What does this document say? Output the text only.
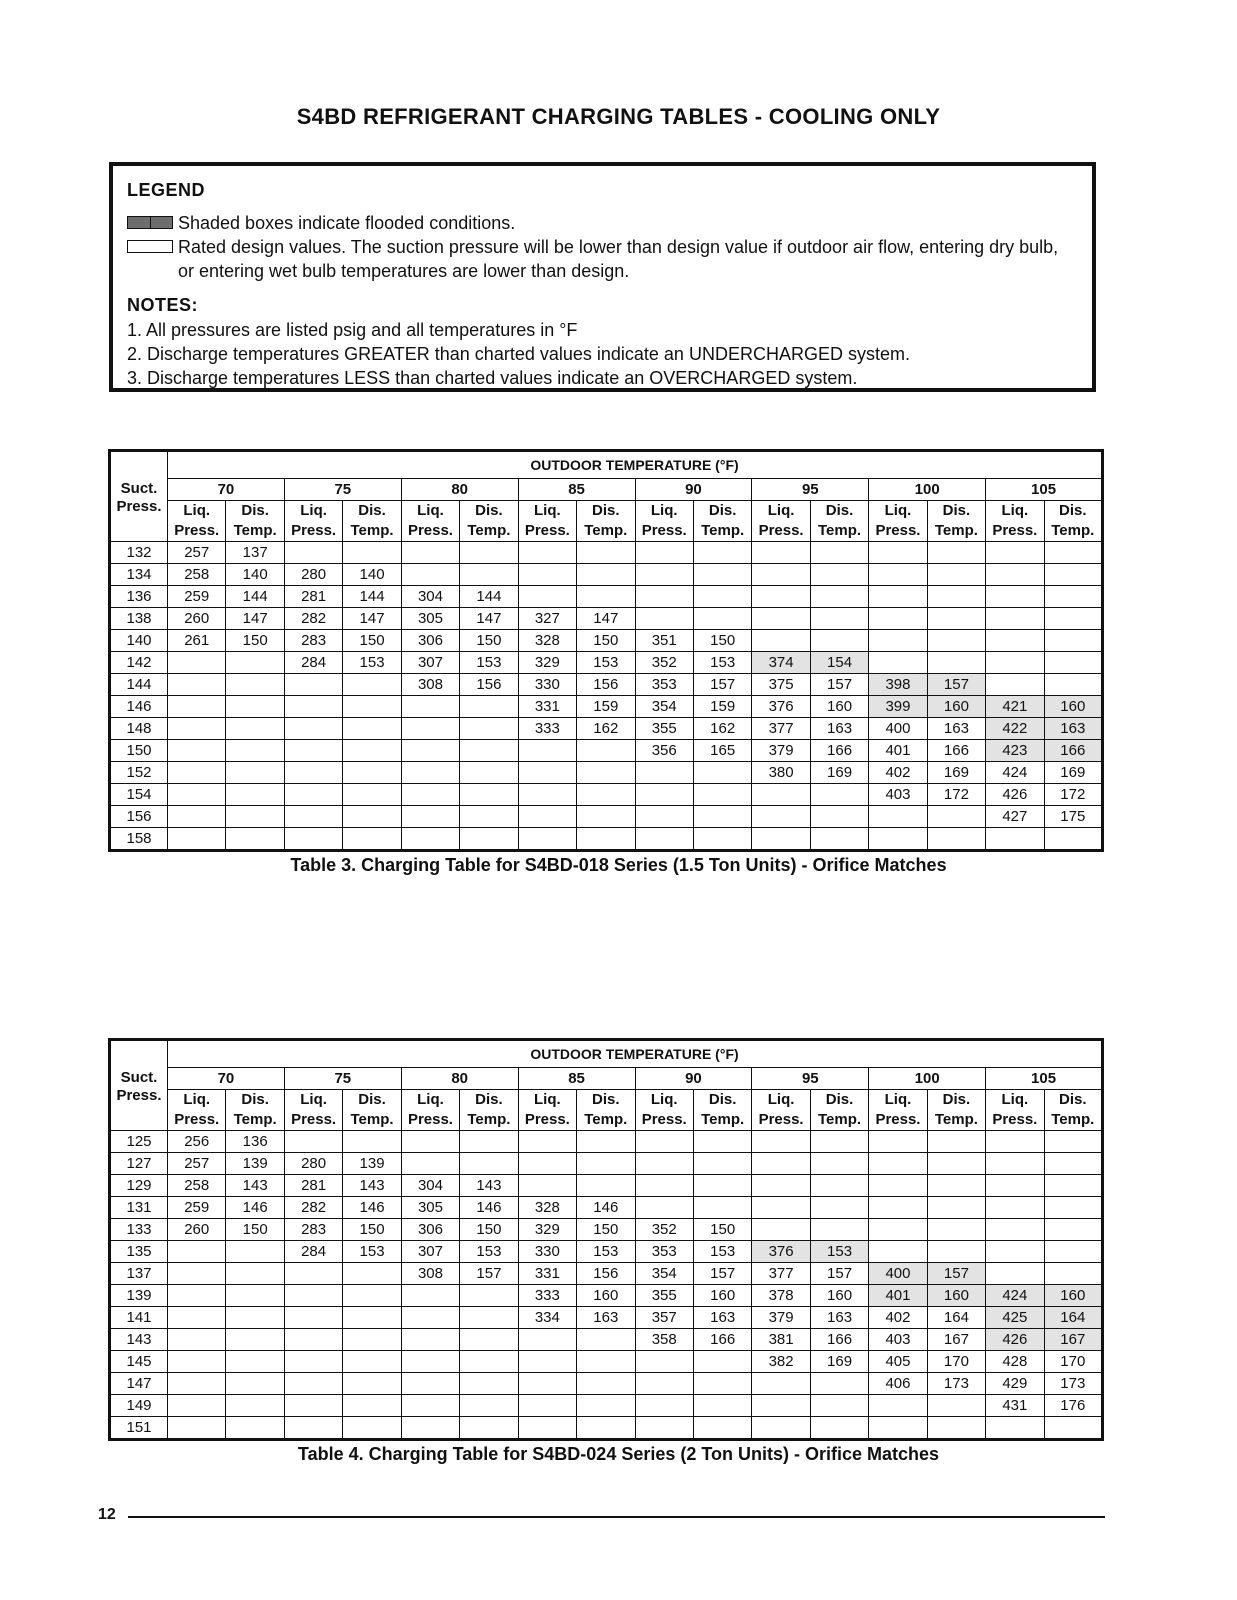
S4BD REFRIGERANT CHARGING TABLES - COOLING ONLY
LEGEND
Shaded boxes indicate flooded conditions.
Rated design values. The suction pressure will be lower than design value if outdoor air flow, entering dry bulb, or entering wet bulb temperatures are lower than design.
NOTES:
1. All pressures are listed psig and all temperatures in °F
2. Discharge temperatures GREATER than charted values indicate an UNDERCHARGED system.
3. Discharge temperatures LESS than charted values indicate an OVERCHARGED system.
Suct. Press.	OUTDOOR TEMPERATURE (°F)															
	70		75		80		85		90		95		100		105	
	Liq. Press.	Dis. Temp.	Liq. Press.	Dis. Temp.	Liq. Press.	Dis. Temp.	Liq. Press.	Dis. Temp.	Liq. Press.	Dis. Temp.	Liq. Press.	Dis. Temp.	Liq. Press.	Dis. Temp.	Liq. Press.	Dis. Temp.
132	257	137														
134	258	140	280	140												
136	259	144	281	144	304	144										
138	260	147	282	147	305	147	327	147								
140	261	150	283	150	306	150	328	150	351	150						
142			284	153	307	153	329	153	352	153	374	154				
144					308	156	330	156	353	157	375	157	398	157		
146							331	159	354	159	376	160	399	160	421	160
148							333	162	355	162	377	163	400	163	422	163
150									356	165	379	166	401	166	423	166
152											380	169	402	169	424	169
154													403	172	426	172
156															427	175
158																
Table 3. Charging Table for S4BD-018 Series (1.5 Ton Units) - Orifice Matches
Suct. Press.	OUTDOOR TEMPERATURE (°F)															
	70		75		80		85		90		95		100		105	
	Liq. Press.	Dis. Temp.	Liq. Press.	Dis. Temp.	Liq. Press.	Dis. Temp.	Liq. Press.	Dis. Temp.	Liq. Press.	Dis. Temp.	Liq. Press.	Dis. Temp.	Liq. Press.	Dis. Temp.	Liq. Press.	Dis. Temp.
125	256	136														
127	257	139	280	139												
129	258	143	281	143	304	143										
131	259	146	282	146	305	146	328	146								
133	260	150	283	150	306	150	329	150	352	150						
135			284	153	307	153	330	153	353	153	376	153				
137					308	157	331	156	354	157	377	157	400	157		
139							333	160	355	160	378	160	401	160	424	160
141							334	163	357	163	379	163	402	164	425	164
143									358	166	381	166	403	167	426	167
145											382	169	405	170	428	170
147													406	173	429	173
149															431	176
151																
Table 4. Charging Table for S4BD-024 Series (2 Ton Units) - Orifice Matches
12
